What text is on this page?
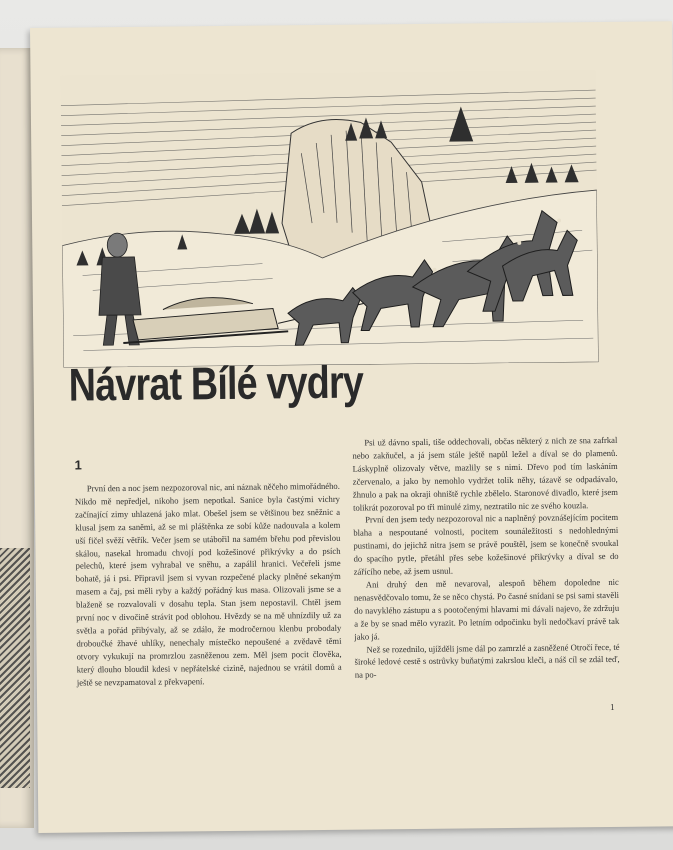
Návrat Bílé vydry
1

První den a noc jsem nezpozoroval nic, ani náznak něčeho mimořádného. Nikdo mě nepředjel, nikoho jsem nepotkal. Sanice byla častými vichry začínající zimy uhlazená jako mlat. Obešel jsem se většinou bez sněžnic a klusal jsem za saněmi, až se mi pláštěnka ze sobí kůže nadouvala a kolem uší fičel svěží větřík. Večer jsem se utábořil na samém břehu pod převislou skálou, nasekal hromadu chvojí pod kožešinové přikrývky a do psích pelechů, které jsem vyhrabal ve sněhu, a zapálil hranici. Večeřeli jsme bohatě, já i psi. Připravil jsem si vyvan rozpečené placky plněné sekaným masem a čaj, psi měli ryby a každý pořádný kus masa. Olizovali jsme se a blaženě se rozvalovali v dosahu tepla. Stan jsem nepostavil. Chtěl jsem první noc v divočině strávit pod oblohou. Hvězdy se na mě uhnízdily už za světla a pořád přibývaly, až se zdálo, že modročernou klenbu probodaly droboučké žhavé uhlíky, nenechaly místečko nepoušené a zvědavě těmi otvory vykukují na promrzlou zasněženou zem. Měl jsem pocit člověka, který dlouho bloudil kdesi v nepřátelské cizině, najednou se vrátil domů a ještě se nevzpamatoval z překvapení.

Psi už dávno spali, tiše oddechovali, občas některý z nich ze sna zafrkal nebo zakňučel, a já jsem stále ještě napůl ležel a díval se do plamenů. Láskyplně olizovaly větve, mazlily se s nimi. Dřevo pod tím laskáním zčervenalo, a jako by nemohlo vydržet tolik něhy, tázavě se odpadávalo, žhnulo a pak na okraji ohniště rychle zbělelo. Staronové divadlo, které jsem tolikrát pozoroval po tři minulé zimy, neztratilo nic ze svého kouzla.

První den jsem tedy nezpozoroval nic a naplněný povznášejícím pocitem blaha a nespoutané volnosti, pocitem sounáležitosti s nedohlednými pustinami, do jejichž nitra jsem se právě pouštěl, jsem se konečně svoukal do spacího pytle, přetáhl přes sebe kožešinové přikrývky a díval se do zářícího nebe, až jsem usnul.

Ani druhý den mě nevaroval, alespoň během dopoledne nic nenasvědčovalo tomu, že se něco chystá. Po časné snídani se psi sami stavěli do navyklého zástupu a s pootočenými hlavami mi dávali najevo, že zdržuju a že by se snad mělo vyrazit. Po letním odpočinku byli nedočkaví právě tak jako já.

Než se rozednilo, ujížděli jsme dál po zamrzlé a zasněžené Otročí řece, té široké ledové cestě s ostrůvky buňatými zakrslou kleči, a náš cíl se zdál teď, na po-

1
